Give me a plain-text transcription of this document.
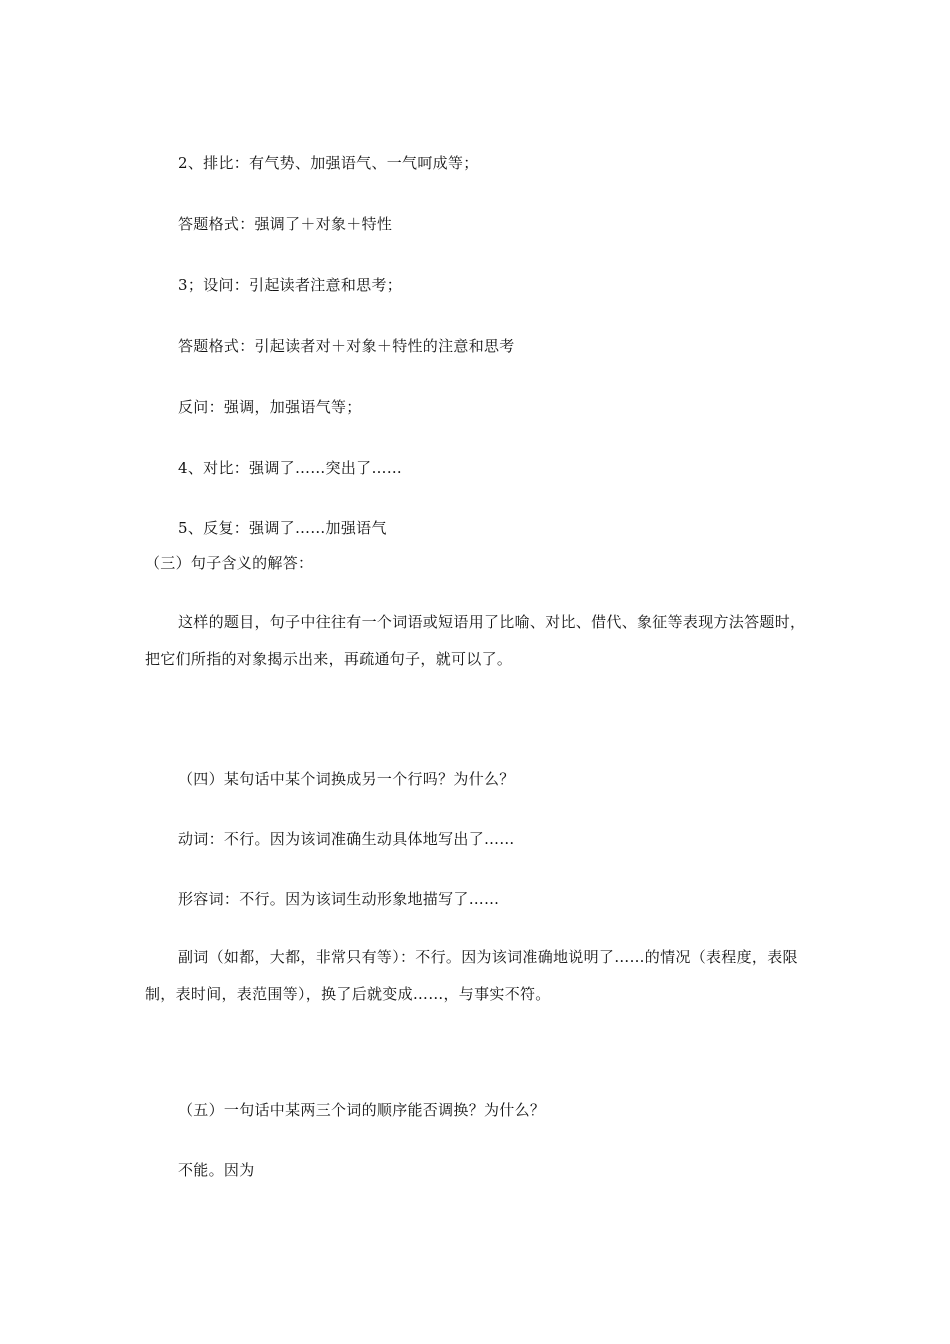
2、排比：有气势、加强语气、一气呵成等；
答题格式：强调了＋对象＋特性
3；设问：引起读者注意和思考；
答题格式：引起读者对＋对象＋特性的注意和思考
反问：强调，加强语气等；
4、对比：强调了……突出了……
5、反复：强调了……加强语气
（三）句子含义的解答：
这样的题目，句子中往往有一个词语或短语用了比喻、对比、借代、象征等表现方法答题时，把它们所指的对象揭示出来，再疏通句子，就可以了。
（四）某句话中某个词换成另一个行吗？为什么？
动词：不行。因为该词准确生动具体地写出了……
形容词：不行。因为该词生动形象地描写了……
副词（如都，大都，非常只有等）：不行。因为该词准确地说明了……的情况（表程度，表限制，表时间，表范围等），换了后就变成……，与事实不符。
（五）一句话中某两三个词的顺序能否调换？为什么？
不能。因为
